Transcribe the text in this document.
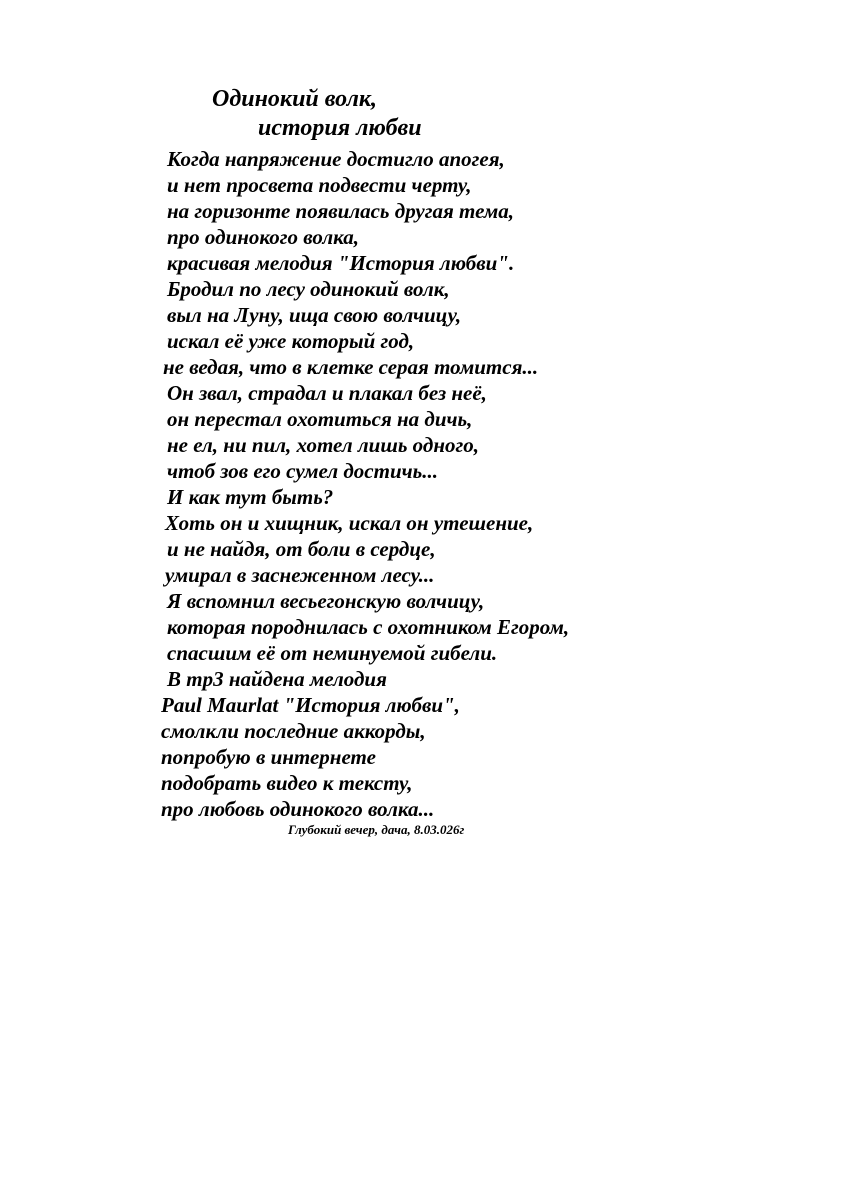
Одинокий волк,
история любви
Когда напряжение достигло апогея,
и нет просвета подвести черту,
на горизонте появилась другая тема,
про одинокого волка,
красивая мелодия "История любви".
Бродил по лесу одинокий волк,
выл на Луну, ища свою волчицу,
искал её уже который год,
не ведая, что в клетке серая томится...
Он звал, страдал и плакал без неё,
он перестал охотиться на дичь,
не ел, ни пил, хотел лишь одного,
чтоб зов его сумел достичь...
И как тут быть?
Хоть он и хищник, искал он утешение,
и не найдя, от боли в сердце,
умирал в заснеженном лесу...
Я вспомнил весьегонскую волчицу,
которая породнилась с охотником Егором,
спасшим её от неминуемой гибели.
В mp3 найдена мелодия
Paul Maurlat "История любви",
смолкли последние аккорды,
попробую в интернете
подобрать видео к тексту,
про любовь одинокого волка...
Глубокий вечер, дача, 8.03.026г
